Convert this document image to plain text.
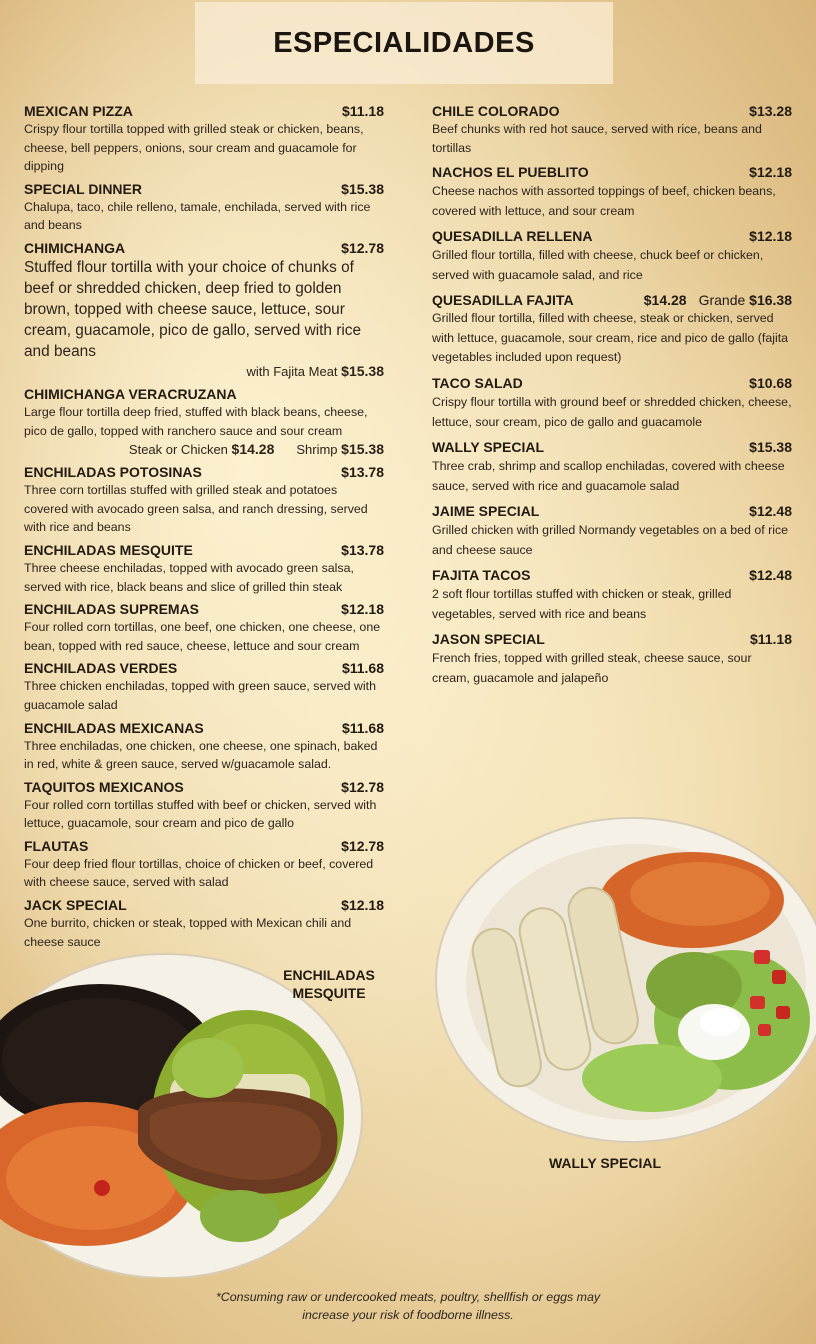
ESPECIALIDADES
MEXICAN PIZZA	$11.18
Crispy flour tortilla topped with grilled steak or chicken, beans, cheese, bell peppers, onions, sour cream and guacamole for dipping
SPECIAL DINNER	$15.38
Chalupa, taco, chile relleno, tamale, enchilada, served with rice and beans
CHIMICHANGA	$12.78
Stuffed flour tortilla with your choice of chunks of beef or shredded chicken, deep fried to golden brown, topped with cheese sauce, lettuce, sour cream, guacamole, pico de gallo, served with rice and beans
with Fajita Meat $15.38
CHIMICHANGA VERACRUZANA
Large flour tortilla deep fried, stuffed with black beans, cheese, pico de gallo, topped with ranchero sauce and sour cream
Steak or Chicken $14.28 Shrimp $15.38
ENCHILADAS POTOSINAS	$13.78
Three corn tortillas stuffed with grilled steak and potatoes covered with avocado green salsa, and ranch dressing, served with rice and beans
ENCHILADAS MESQUITE	$13.78
Three cheese enchiladas, topped with avocado green salsa, served with rice, black beans and slice of grilled thin steak
ENCHILADAS SUPREMAS	$12.18
Four rolled corn tortillas, one beef, one chicken, one cheese, one bean, topped with red sauce, cheese, lettuce and sour cream
ENCHILADAS VERDES	$11.68
Three chicken enchiladas, topped with green sauce, served with guacamole salad
ENCHILADAS MEXICANAS	$11.68
Three enchiladas, one chicken, one cheese, one spinach, baked in red, white & green sauce, served w/guacamole salad.
TAQUITOS MEXICANOS	$12.78
Four rolled corn tortillas stuffed with beef or chicken, served with lettuce, guacamole, sour cream and pico de gallo
FLAUTAS	$12.78
Four deep fried flour tortillas, choice of chicken or beef, covered with cheese sauce, served with salad
JACK SPECIAL	$12.18
One burrito, chicken or steak, topped with Mexican chili and cheese sauce
CHILE COLORADO	$13.28
Beef chunks with red hot sauce, served with rice, beans and tortillas
NACHOS EL PUEBLITO	$12.18
Cheese nachos with assorted toppings of beef, chicken beans, covered with lettuce, and sour cream
QUESADILLA RELLENA	$12.18
Grilled flour tortilla, filled with cheese, chuck beef or chicken, served with guacamole salad, and rice
QUESADILLA FAJITA	$14.28 Grande $16.38
Grilled flour tortilla, filled with cheese, steak or chicken, served with lettuce, guacamole, sour cream, rice and pico de gallo (fajita vegetables included upon request)
TACO SALAD	$10.68
Crispy flour tortilla with ground beef or shredded chicken, cheese, lettuce, sour cream, pico de gallo and guacamole
WALLY SPECIAL	$15.38
Three crab, shrimp and scallop enchiladas, covered with cheese sauce, served with rice and guacamole salad
JAIME SPECIAL	$12.48
Grilled chicken with grilled Normandy vegetables on a bed of rice and cheese sauce
FAJITA TACOS	$12.48
2 soft flour tortillas stuffed with chicken or steak, grilled vegetables, served with rice and beans
JASON SPECIAL	$11.18
French fries, topped with grilled steak, cheese sauce, sour cream, guacamole and jalapeño
WALLY SPECIAL
ENCHILADAS MESQUITE
*Consuming raw or undercooked meats, poultry, shellfish or eggs may increase your risk of foodborne illness.
